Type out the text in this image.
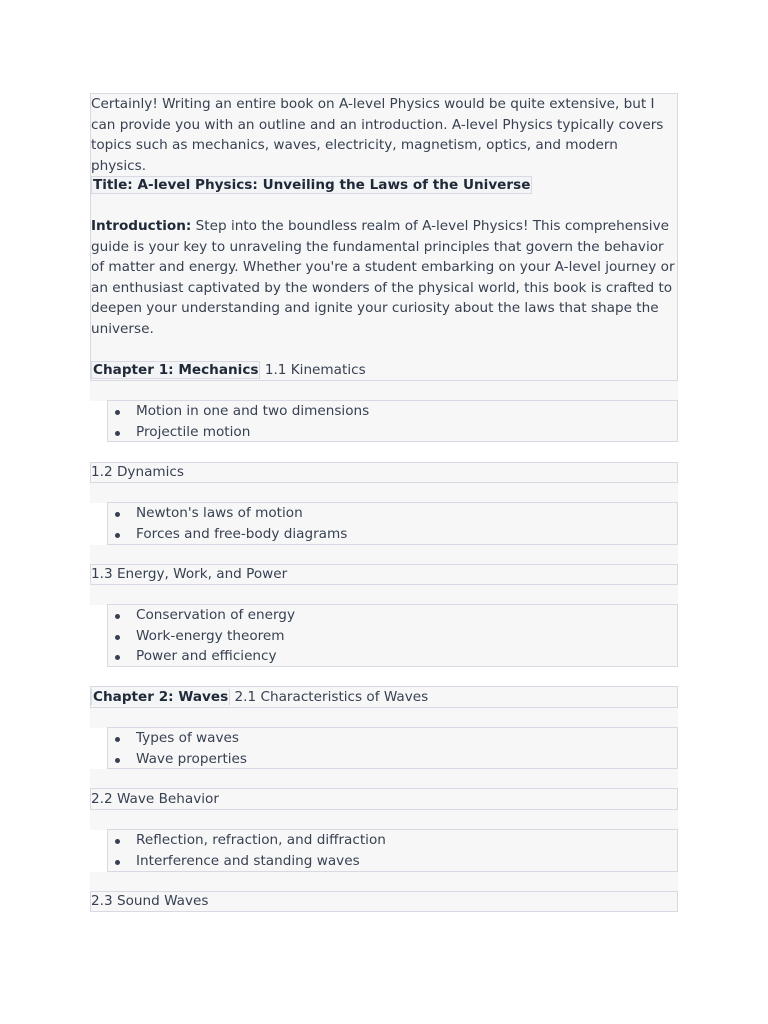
Certainly! Writing an entire book on A-level Physics would be quite extensive, but I can provide you with an outline and an introduction. A-level Physics typically covers topics such as mechanics, waves, electricity, magnetism, optics, and modern physics.

Title: A-level Physics: Unveiling the Laws of the Universe

Introduction: Step into the boundless realm of A-level Physics! This comprehensive guide is your key to unraveling the fundamental principles that govern the behavior of matter and energy. Whether you're a student embarking on your A-level journey or an enthusiast captivated by the wonders of the physical world, this book is crafted to deepen your understanding and ignite your curiosity about the laws that shape the universe.

Chapter 1: Mechanics 1.1 Kinematics
Motion in one and two dimensions
Projectile motion
1.2 Dynamics
Newton's laws of motion
Forces and free-body diagrams
1.3 Energy, Work, and Power
Conservation of energy
Work-energy theorem
Power and efficiency
Chapter 2: Waves 2.1 Characteristics of Waves
Types of waves
Wave properties
2.2 Wave Behavior
Reflection, refraction, and diffraction
Interference and standing waves
2.3 Sound Waves
